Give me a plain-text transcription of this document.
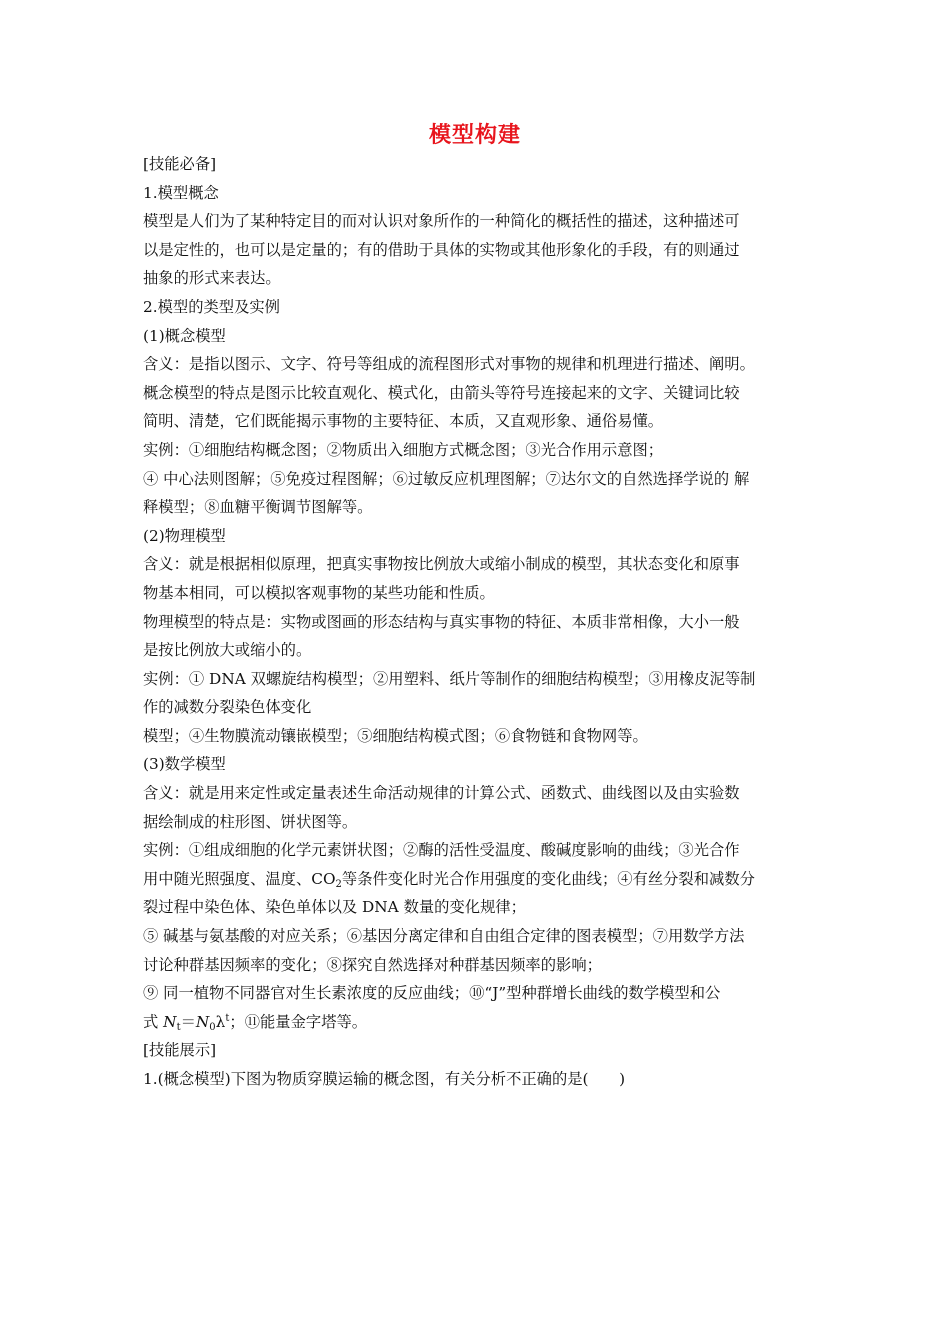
模型构建

[技能必备]

1.模型概念

模型是人们为了某种特定目的而对认识对象所作的一种简化的概括性的描述，这种描述可

以是定性的，也可以是定量的；有的借助于具体的实物或其他形象化的手段，有的则通过

抽象的形式来表达。

2.模型的类型及实例

(1)概念模型

含义：是指以图示、文字、符号等组成的流程图形式对事物的规律和机理进行描述、阐明。

概念模型的特点是图示比较直观化、模式化，由箭头等符号连接起来的文字、关键词比较

简明、清楚，它们既能揭示事物的主要特征、本质，又直观形象、通俗易懂。

实例：①细胞结构概念图；②物质出入细胞方式概念图；③光合作用示意图；

④ 中心法则图解；⑤免疫过程图解；⑥过敏反应机理图解；⑦达尔文的自然选择学说的 解

释模型；⑧血糖平衡调节图解等。

(2)物理模型

含义：就是根据相似原理，把真实事物按比例放大或缩小制成的模型，其状态变化和原事

物基本相同，可以模拟客观事物的某些功能和性质。

物理模型的特点是：实物或图画的形态结构与真实事物的特征、本质非常相像，大小一般

是按比例放大或缩小的。

实例：① DNA 双螺旋结构模型；②用塑料、纸片等制作的细胞结构模型；③用橡皮泥等制

作的减数分裂染色体变化

模型；④生物膜流动镶嵌模型；⑤细胞结构模式图；⑥食物链和食物网等。

(3)数学模型

含义：就是用来定性或定量表述生命活动规律的计算公式、函数式、曲线图以及由实验数

据绘制成的柱形图、饼状图等。

实例：①组成细胞的化学元素饼状图；②酶的活性受温度、酸碱度影响的曲线；③光合作

用中随光照强度、温度、$CO_2$等条件变化时光合作用强度的变化曲线；④有丝分裂和减数分

裂过程中染色体、染色单体以及 DNA 数量的变化规律；

⑤ 碱基与氨基酸的对应关系；⑥基因分离定律和自由组合定律的图表模型；⑦用数学方法

讨论种群基因频率的变化；⑧探究自然选择对种群基因频率的影响；

⑨ 同一植物不同器官对生长素浓度的反应曲线；⑩“J”型种群增长曲线的数学模型和公

式 $N_t=N_0\lambda^t$；⑪能量金字塔等。

[技能展示]

1.(概念模型)下图为物质穿膜运输的概念图，有关分析不正确的是(　　)
